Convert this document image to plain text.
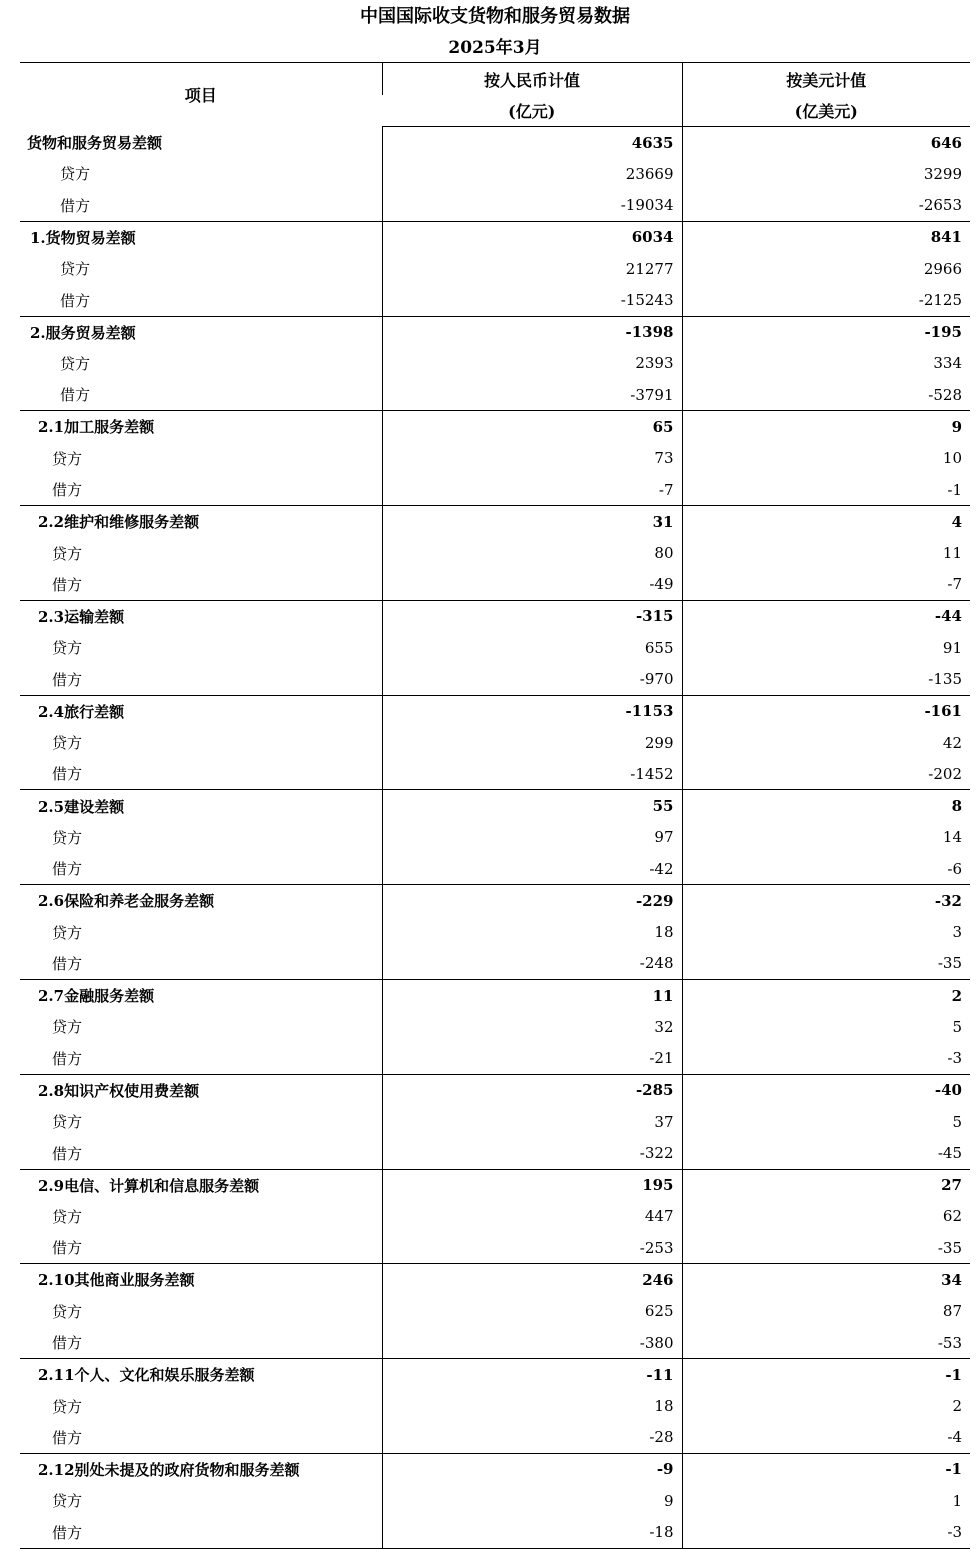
中国国际收支货物和服务贸易数据
2025年3月
项目	按人民币计值	按美元计值
	(亿元)	(亿美元)
货物和服务贸易差额	4635	646
贷方	23669	3299
借方	-19034	-2653
1.货物贸易差额	6034	841
贷方	21277	2966
借方	-15243	-2125
2.服务贸易差额	-1398	-195
贷方	2393	334
借方	-3791	-528
2.1加工服务差额	65	9
贷方	73	10
借方	-7	-1
2.2维护和维修服务差额	31	4
贷方	80	11
借方	-49	-7
2.3运输差额	-315	-44
贷方	655	91
借方	-970	-135
2.4旅行差额	-1153	-161
贷方	299	42
借方	-1452	-202
2.5建设差额	55	8
贷方	97	14
借方	-42	-6
2.6保险和养老金服务差额	-229	-32
贷方	18	3
借方	-248	-35
2.7金融服务差额	11	2
贷方	32	5
借方	-21	-3
2.8知识产权使用费差额	-285	-40
贷方	37	5
借方	-322	-45
2.9电信、计算机和信息服务差额	195	27
贷方	447	62
借方	-253	-35
2.10其他商业服务差额	246	34
贷方	625	87
借方	-380	-53
2.11个人、文化和娱乐服务差额	-11	-1
贷方	18	2
借方	-28	-4
2.12别处未提及的政府货物和服务差额	-9	-1
贷方	9	1
借方	-18	-3
